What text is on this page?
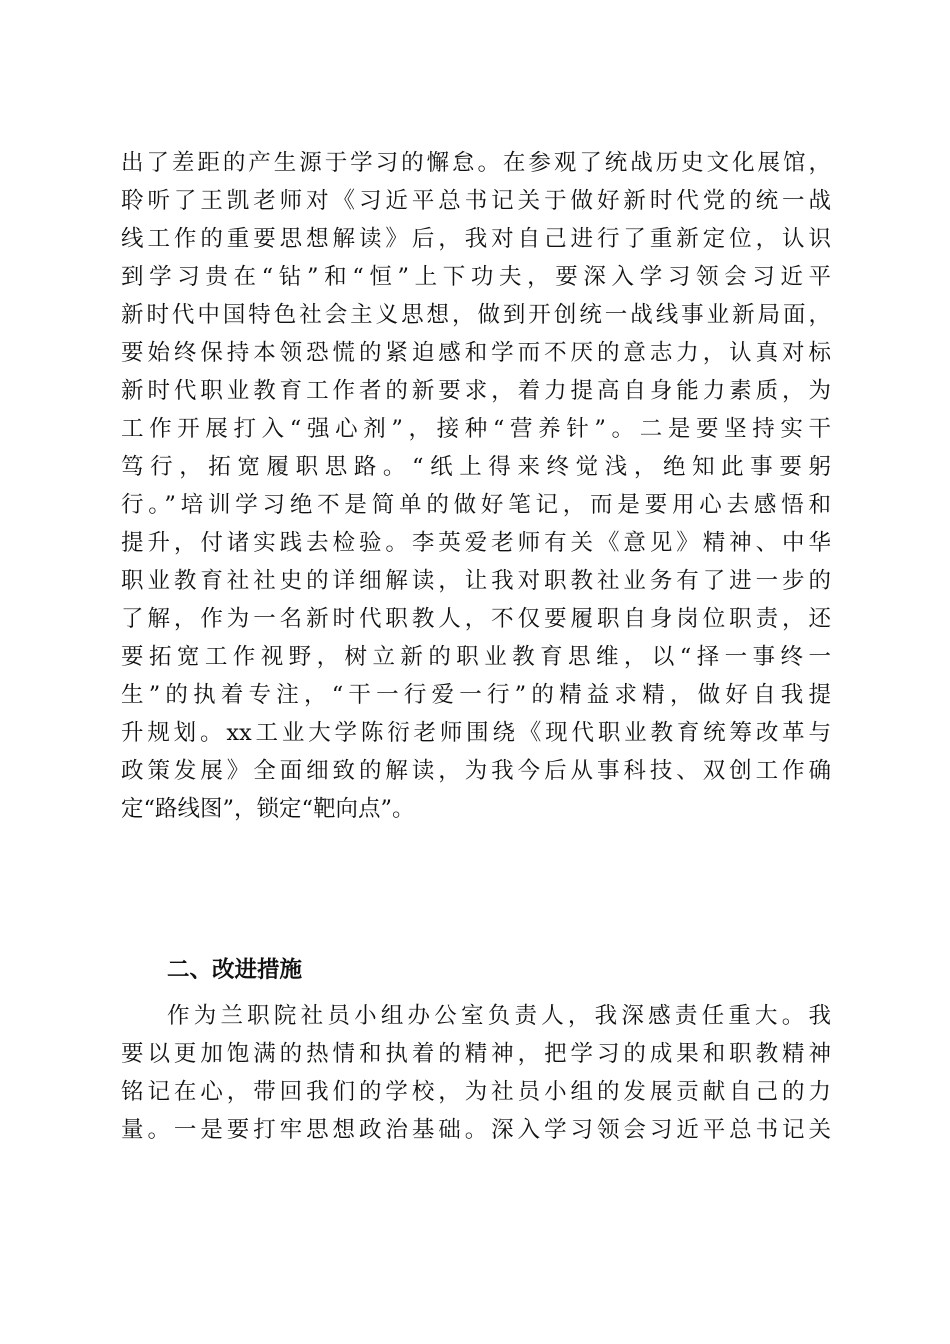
出了差距的产生源于学习的懈怠。在参观了统战历史文化展馆，
聆听了王凯老师对《习近平总书记关于做好新时代党的统一战
线工作的重要思想解读》后，我对自己进行了重新定位，认识
到学习贵在“钻”和“恒”上下功夫，要深入学习领会习近平
新时代中国特色社会主义思想，做到开创统一战线事业新局面，
要始终保持本领恐慌的紧迫感和学而不厌的意志力，认真对标
新时代职业教育工作者的新要求，着力提高自身能力素质，为
工作开展打入“强心剂”，接种“营养针”。二是要坚持实干
笃行，拓宽履职思路。“纸上得来终觉浅，绝知此事要躬
行。”培训学习绝不是简单的做好笔记，而是要用心去感悟和
提升，付诸实践去检验。李英爱老师有关《意见》精神、中华
职业教育社社史的详细解读，让我对职教社业务有了进一步的
了解，作为一名新时代职教人，不仅要履职自身岗位职责，还
要拓宽工作视野，树立新的职业教育思维，以“择一事终一
生”的执着专注，“干一行爱一行”的精益求精，做好自我提
升规划。xx工业大学陈衍老师围绕《现代职业教育统筹改革与
政策发展》全面细致的解读，为我今后从事科技、双创工作确
定“路线图”，锁定“靶向点”。
二、改进措施
作为兰职院社员小组办公室负责人，我深感责任重大。我
要以更加饱满的热情和执着的精神，把学习的成果和职教精神
铭记在心，带回我们的学校，为社员小组的发展贡献自己的力
量。一是要打牢思想政治基础。深入学习领会习近平总书记关
